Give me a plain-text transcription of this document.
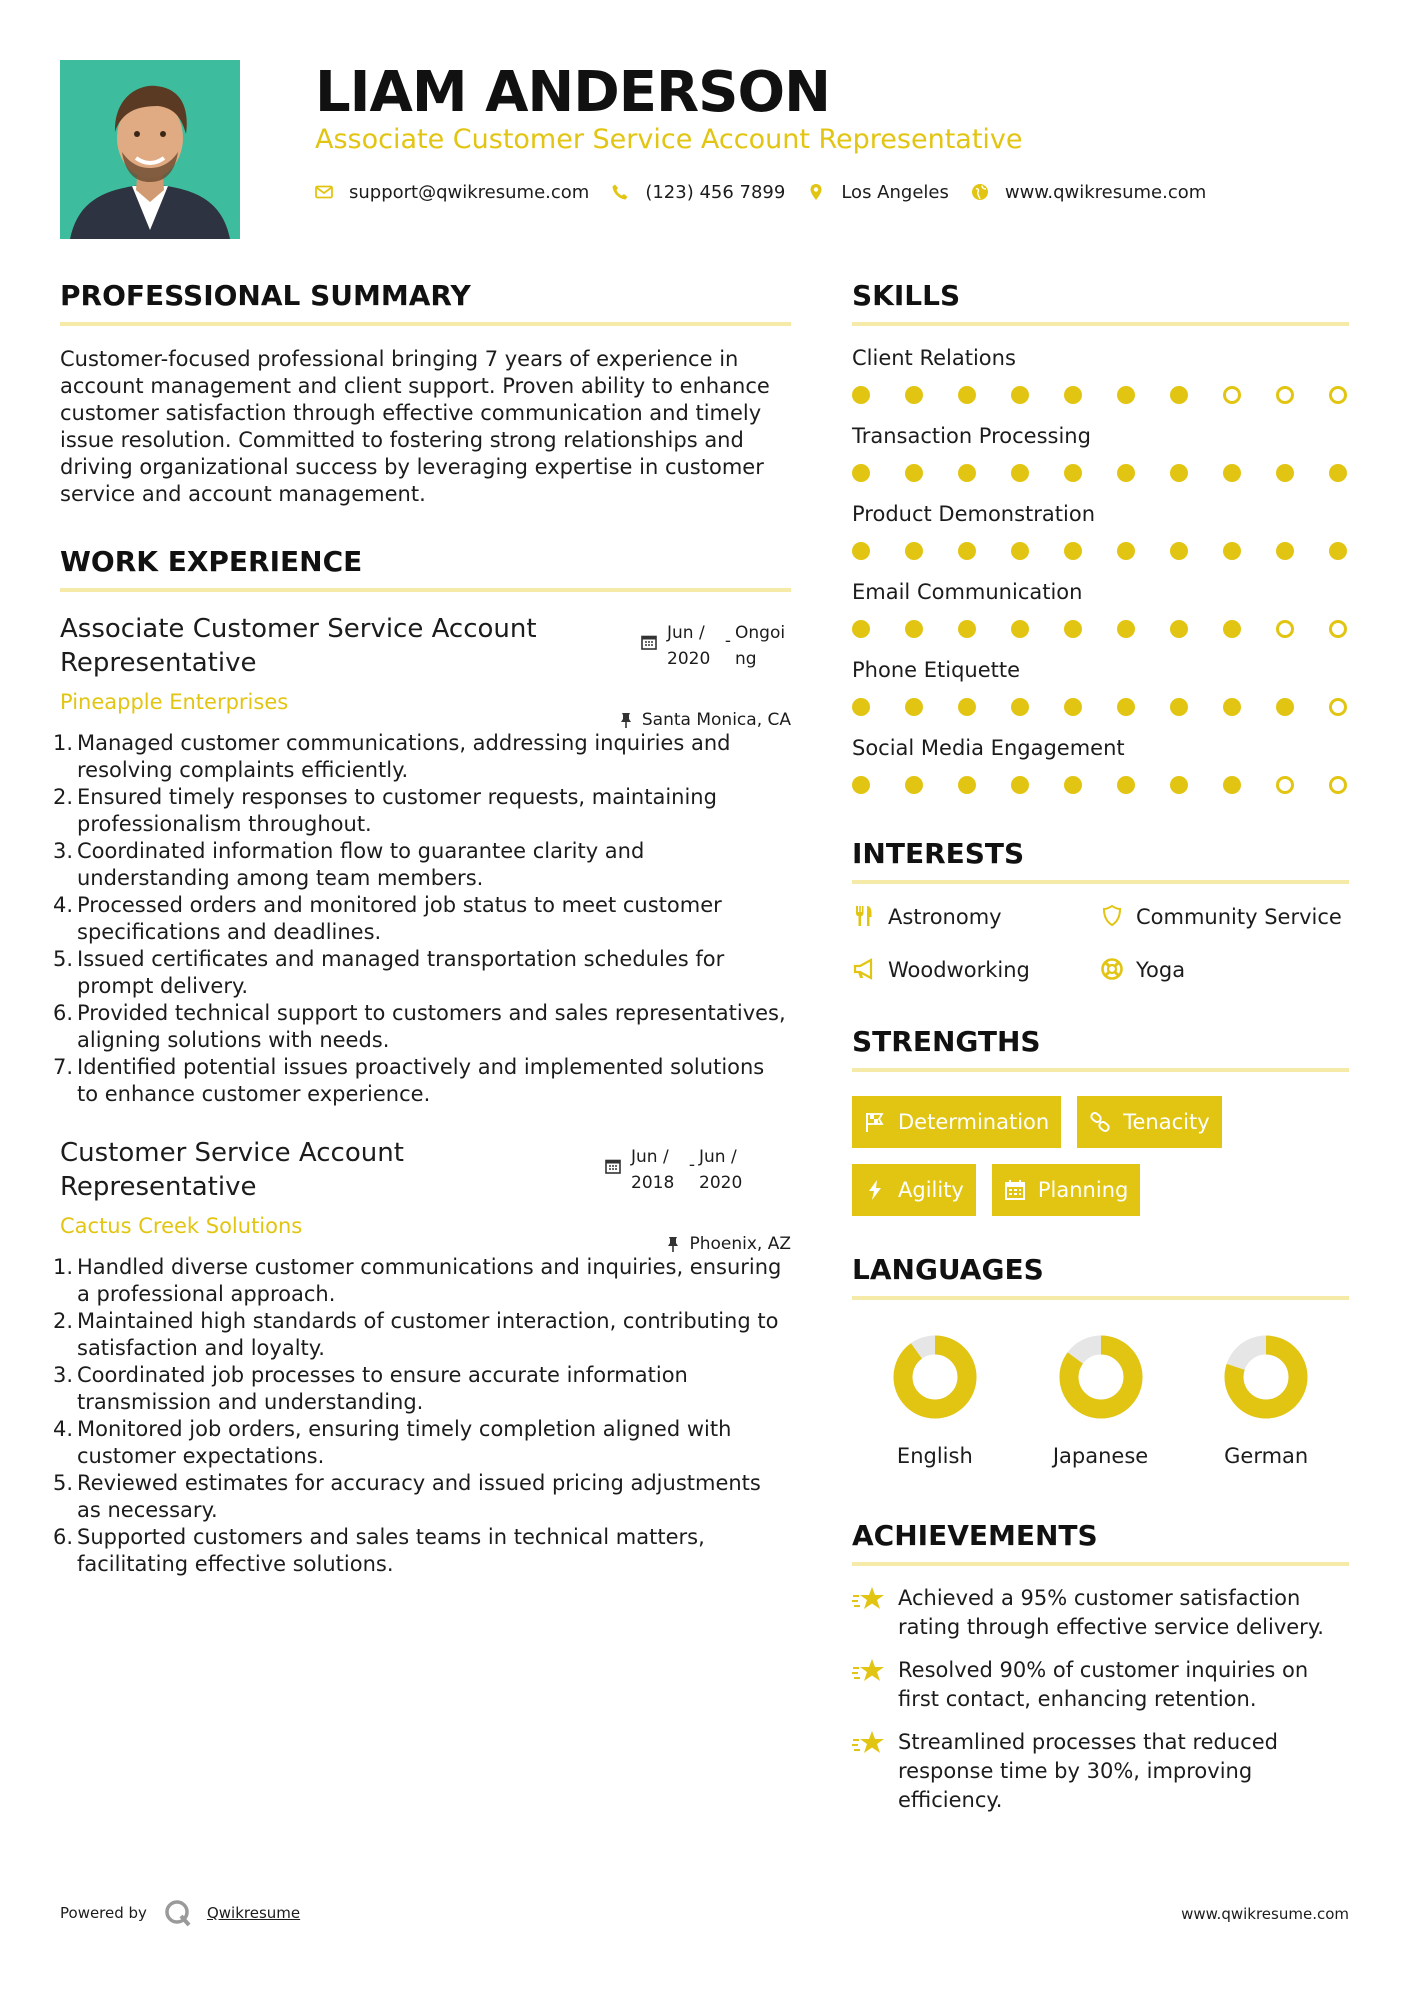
LIAM ANDERSON
Associate Customer Service Account Representative
support@qwikresume.com	(123) 456 7899	Los Angeles	www.qwikresume.com
PROFESSIONAL SUMMARY

Customer-focused professional bringing 7 years of experience in account management and client support. Proven ability to enhance customer satisfaction through effective communication and timely issue resolution. Committed to fostering strong relationships and driving organizational success by leveraging expertise in customer service and account management.

WORK EXPERIENCE
Associate Customer Service Account Representative
Jun / 2020
- Ongoi ng
Pineapple Enterprises
Santa Monica, CA
1. Managed customer communications, addressing inquiries and resolving complaints efficiently.
2. Ensured timely responses to customer requests, maintaining professionalism throughout.
3. Coordinated information flow to guarantee clarity and understanding among team members.
4. Processed orders and monitored job status to meet customer specifications and deadlines.
5. Issued certificates and managed transportation schedules for prompt delivery.
6. Provided technical support to customers and sales representatives, aligning solutions with needs.
7. Identified potential issues proactively and implemented solutions to enhance customer experience.
Customer Service Account Representative
Jun / 2018
- Jun / 2020
Cactus Creek Solutions
Phoenix, AZ
1. Handled diverse customer communications and inquiries, ensuring a professional approach.
2. Maintained high standards of customer interaction, contributing to satisfaction and loyalty.
3. Coordinated job processes to ensure accurate information transmission and understanding.
4. Monitored job orders, ensuring timely completion aligned with customer expectations.
5. Reviewed estimates for accuracy and issued pricing adjustments as necessary.
6. Supported customers and sales teams in technical matters, facilitating effective solutions.
SKILLS
Client Relations
Transaction Processing
Product Demonstration
Email Communication
Phone Etiquette
Social Media Engagement
INTERESTS
Astronomy	Community Service
Woodworking	Yoga
STRENGTHS
Determination	Tenacity
Agility	Planning
LANGUAGES
English	Japanese	German
ACHIEVEMENTS
Achieved a 95% customer satisfaction rating through effective service delivery.
Resolved 90% of customer inquiries on first contact, enhancing retention.
Streamlined processes that reduced response time by 30%, improving efficiency.
Powered by	Qwikresume	www.qwikresume.com
